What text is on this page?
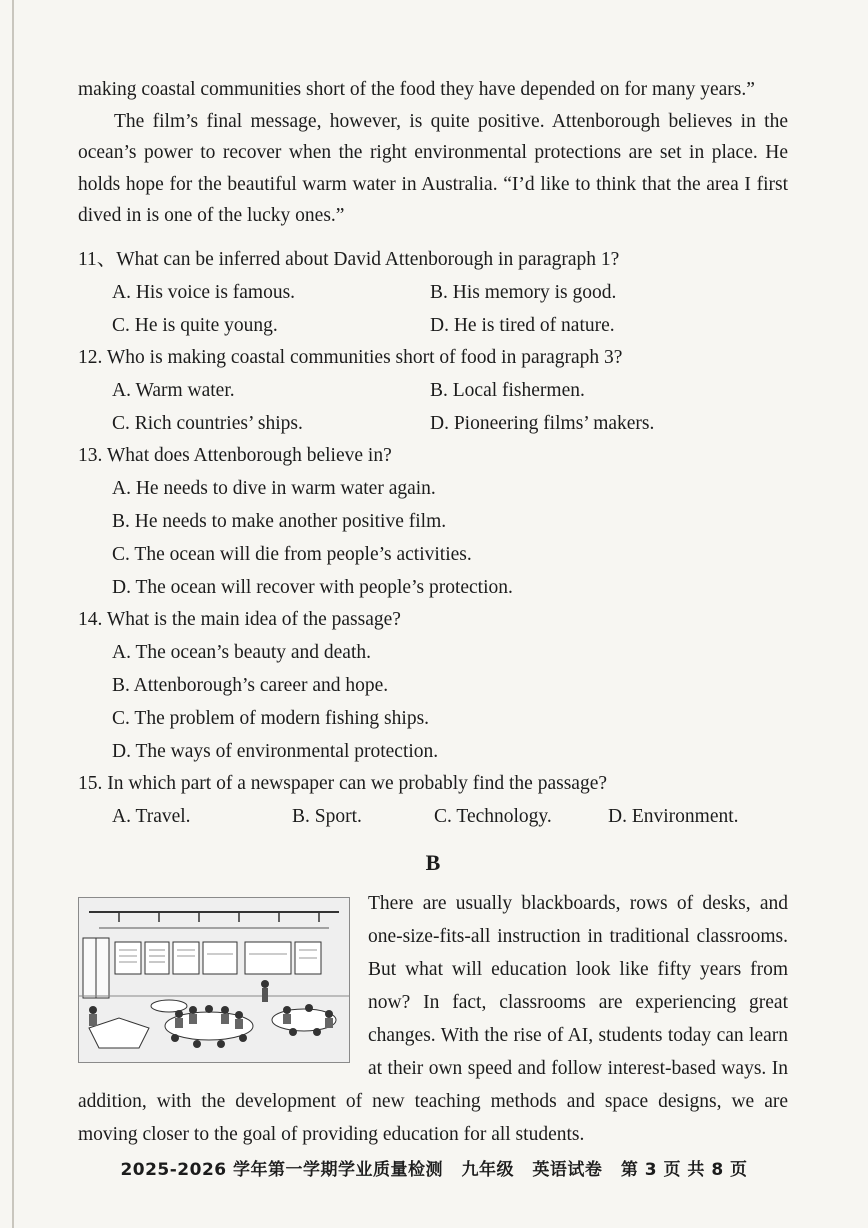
making coastal communities short of the food they have depended on for many years.”

The film’s final message, however, is quite positive. Attenborough believes in the ocean’s power to recover when the right environmental protections are set in place. He holds hope for the beautiful warm water in Australia. “I’d like to think that the area I first dived in is one of the lucky ones.”

11、What can be inferred about David Attenborough in paragraph 1?

A. His voice is famous.	B. His memory is good.
C. He is quite young.	D. He is tired of nature.

12. Who is making coastal communities short of food in paragraph 3?

A. Warm water.	B. Local fishermen.
C. Rich countries’ ships.	D. Pioneering films’ makers.

13. What does Attenborough believe in?

A. He needs to dive in warm water again.
B. He needs to make another positive film.
C. The ocean will die from people’s activities.
D. The ocean will recover with people’s protection.

14. What is the main idea of the passage?

A. The ocean’s beauty and death.
B. Attenborough’s career and hope.
C. The problem of modern fishing ships.
D. The ways of environmental protection.

15. In which part of a newspaper can we probably find the passage?

A. Travel.	B. Sport.	C. Technology.	D. Environment.
B

There are usually blackboards, rows of desks, and one-size-fits-all instruction in traditional classrooms. But what will education look like fifty years from now? In fact, classrooms are experiencing great changes. With the rise of AI, students today can learn at their own speed and follow interest-based ways. In addition, with the development of new teaching methods and space designs, we are moving closer to the goal of providing education for all students.

2025-2026 学年第一学期学业质量检测 九年级 英语试卷 第 3 页 共 8 页
